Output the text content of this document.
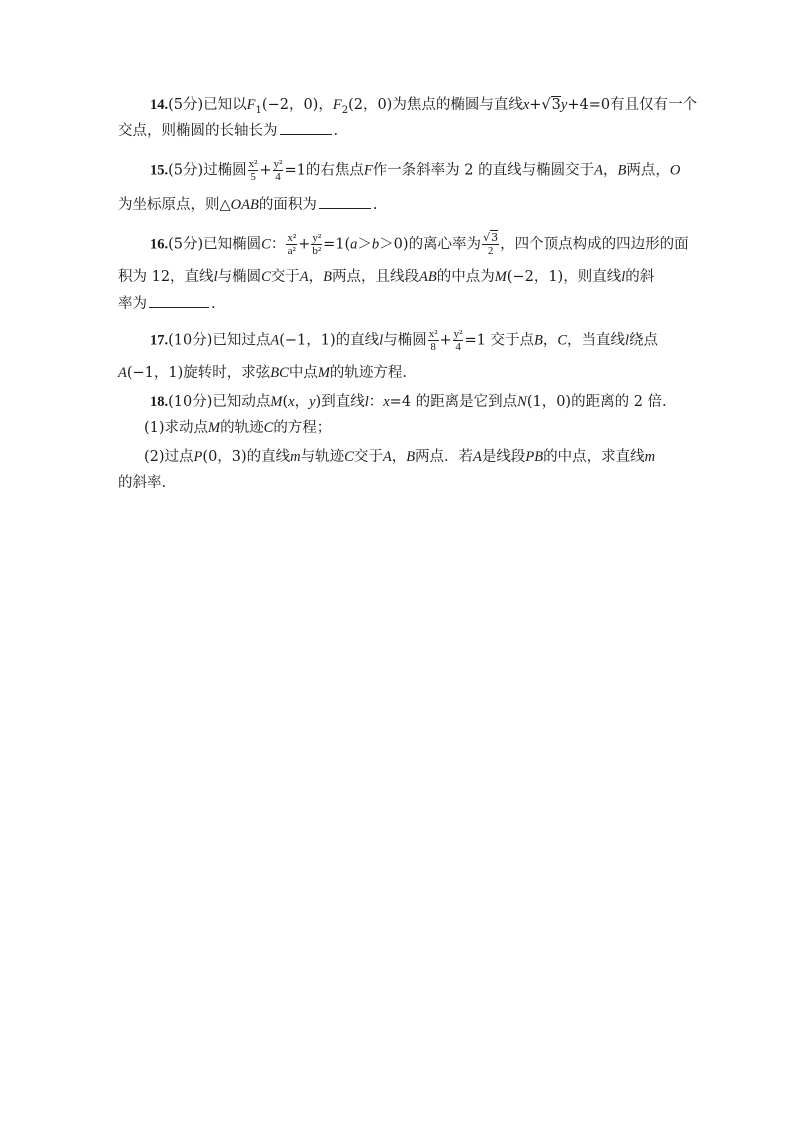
14.(5分)已知以$F_1(-2$，0)，$F_2(2$，0)为焦点的椭圆与直线x+√3y+4=0有且仅有一个
交点，则椭圆的长轴长为	.
15.(5分)过椭圆 $\frac{\text{x²}}{5} + \frac{\text{y²}}{4} =1$的右焦点F作一条斜率为 2 的直线与椭圆交于A，B两点，O
为坐标原点，则△OAB的面积为	.
16.(5分)已知椭圆C： $\frac{\text{x²}}{\text{a²}} + \frac{\text{y²}}{\text{b²}} =1(a>b>0)$的离心率为 $\frac{√3}{2}$ ，四个顶点构成的四边形的面
积为 12，直线l与椭圆C交于A，B两点，且线段AB的中点为M(−2，1)，则直线l的斜
率为	.
17.(10分)已知过点A(−1，1)的直线l与椭圆 $\frac{\text{x²}}{8} + \frac{\text{y²}}{4} =1$ 交于点B，C，当直线l绕点
A(−1，1)旋转时，求弦BC中点M的轨迹方程.
18.(10分)已知动点M(x，y)到直线l：x=4 的距离是它到点N(1，0)的距离的 2 倍.
(1)求动点M的轨迹C的方程；
(2)过点P(0，3)的直线m与轨迹C交于A，B两点．若A是线段PB的中点，求直线m
的斜率.
